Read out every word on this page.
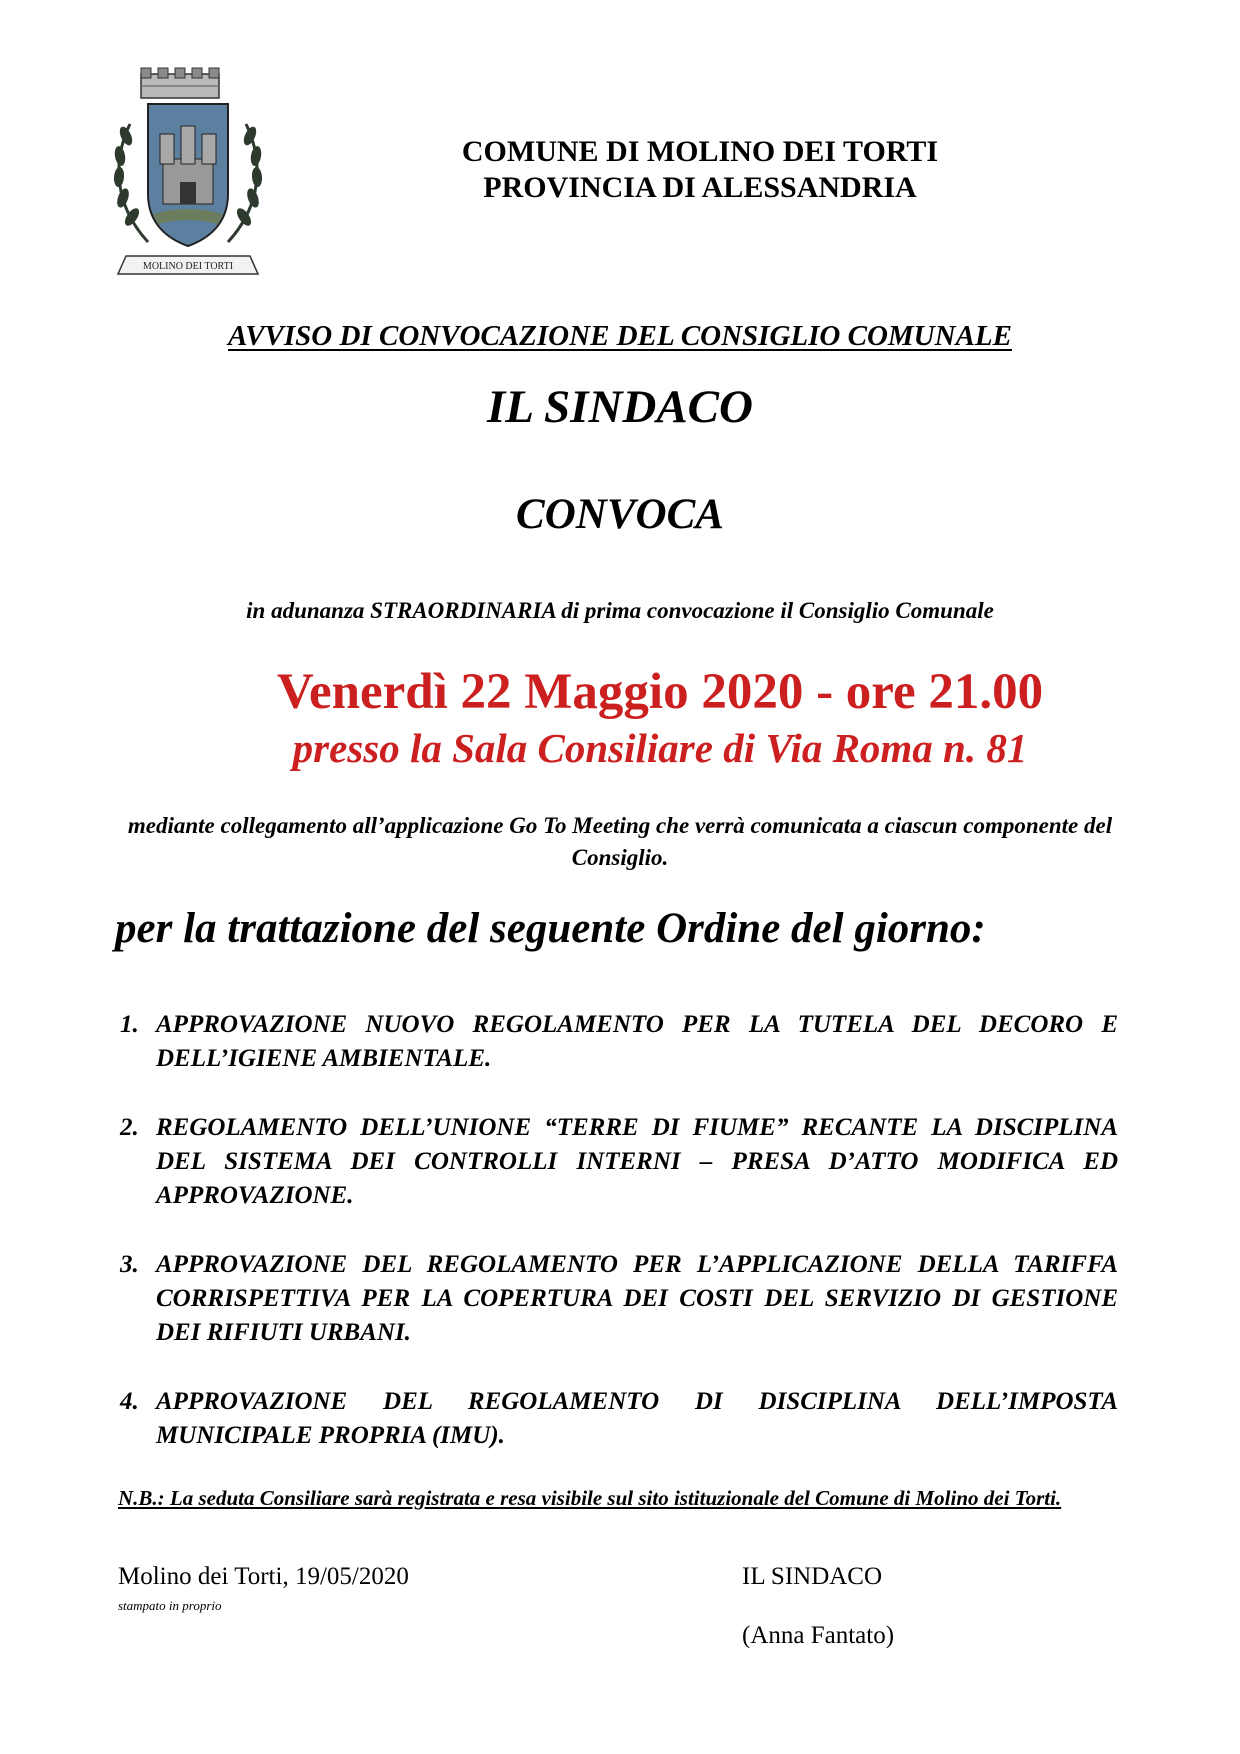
MOLINO DEI TORTI
COMUNE DI MOLINO DEI TORTI
PROVINCIA DI ALESSANDRIA
AVVISO DI CONVOCAZIONE DEL CONSIGLIO COMUNALE
IL SINDACO
CONVOCA
in adunanza STRAORDINARIA di prima convocazione il Consiglio Comunale
Venerdì 22 Maggio 2020 - ore 21.00
presso la Sala Consiliare di Via Roma n. 81
mediante collegamento all’applicazione Go To Meeting che verrà comunicata a ciascun componente del Consiglio.
per la trattazione del seguente Ordine del giorno:
1. APPROVAZIONE NUOVO REGOLAMENTO PER LA TUTELA DEL DECORO E DELL’IGIENE AMBIENTALE.
2. REGOLAMENTO DELL’UNIONE “TERRE DI FIUME” RECANTE LA DISCIPLINA DEL SISTEMA DEI CONTROLLI INTERNI – PRESA D’ATTO MODIFICA ED APPROVAZIONE.
3. APPROVAZIONE DEL REGOLAMENTO PER L’APPLICAZIONE DELLA TARIFFA CORRISPETTIVA PER LA COPERTURA DEI COSTI DEL SERVIZIO DI GESTIONE DEI RIFIUTI URBANI.
4. APPROVAZIONE DEL REGOLAMENTO DI DISCIPLINA DELL’IMPOSTA MUNICIPALE PROPRIA (IMU).
N.B.: La seduta Consiliare sarà registrata e resa visibile sul sito istituzionale del Comune di Molino dei Torti.
Molino dei Torti, 19/05/2020
stampato in proprio
IL SINDACO
(Anna Fantato)
